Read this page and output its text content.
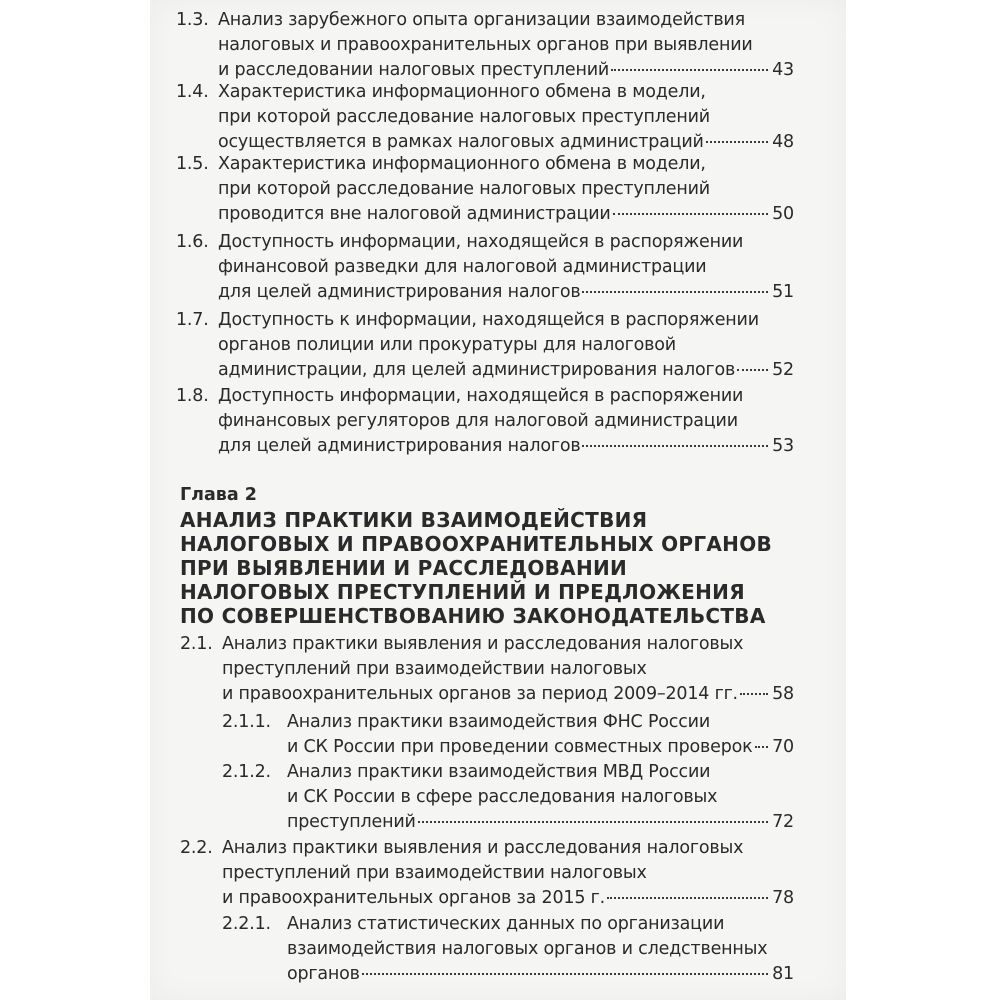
1.3. Анализ зарубежного опыта организации взаимодействия
налоговых и правоохранительных органов при выявлении
и расследовании налоговых преступлений	43
1.4. Характеристика информационного обмена в модели,
при которой расследование налоговых преступлений
осуществляется в рамках налоговых администраций	48
1.5. Характеристика информационного обмена в модели,
при которой расследование налоговых преступлений
проводится вне налоговой администрации	50
1.6. Доступность информации, находящейся в распоряжении
финансовой разведки для налоговой администрации
для целей администрирования налогов	51
1.7. Доступность к информации, находящейся в распоряжении
органов полиции или прокуратуры для налоговой
администрации, для целей администрирования налогов 52
1.8. Доступность информации, находящейся в распоряжении
финансовых регуляторов для налоговой администрации
для целей администрирования налогов	53
2.1. Анализ практики выявления и расследования налоговых
преступлений при взаимодействии налоговых
и правоохранительных органов за период 2009–2014 гг. 58
2.1.1. Анализ практики взаимодействия ФНС России
и СК России при проведении совместных проверок 70
2.1.2. Анализ практики взаимодействия МВД России
и СК России в сфере расследования налоговых
преступлений	72
2.2. Анализ практики выявления и расследования налоговых
преступлений при взаимодействии налоговых
и правоохранительных органов за 2015 г.	78
2.2.1. Анализ статистических данных по организации
взаимодействия налоговых органов и следственных
органов	81
Глава 2
АНАЛИЗ ПРАКТИКИ ВЗАИМОДЕЙСТВИЯ
НАЛОГОВЫХ И ПРАВООХРАНИТЕЛЬНЫХ ОРГАНОВ
ПРИ ВЫЯВЛЕНИИ И РАССЛЕДОВАНИИ
НАЛОГОВЫХ ПРЕСТУПЛЕНИЙ И ПРЕДЛОЖЕНИЯ
ПО СОВЕРШЕНСТВОВАНИЮ ЗАКОНОДАТЕЛЬСТВА
